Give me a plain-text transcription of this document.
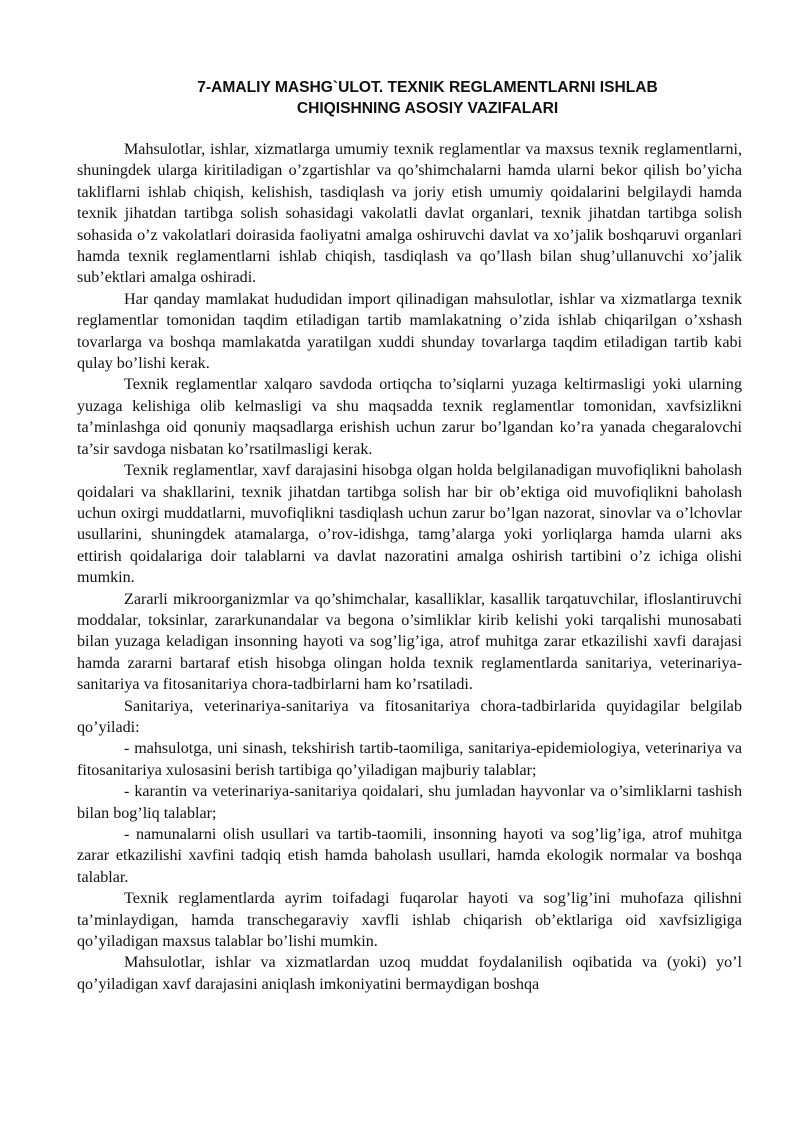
7-AMALIY MASHG`ULOT. TEXNIK REGLAMENTLARNI ISHLAB
CHIQISHNING ASOSIY VAZIFALARI

Mahsulotlar, ishlar, xizmatlarga umumiy texnik reglamentlar va maxsus texnik reglamentlarni, shuningdek ularga kiritiladigan o’zgartishlar va qo’shimchalarni hamda ularni bekor qilish bo’yicha takliflarni ishlab chiqish, kelishish, tasdiqlash va joriy etish umumiy qoidalarini belgilaydi hamda texnik jihatdan tartibga solish sohasidagi vakolatli davlat organlari, texnik jihatdan tartibga solish sohasida o’z vakolatlari doirasida faoliyatni amalga oshiruvchi davlat va xo’jalik boshqaruvi organlari hamda texnik reglamentlarni ishlab chiqish, tasdiqlash va qo’llash bilan shug’ullanuvchi xo’jalik sub’ektlari amalga oshiradi.

Har qanday mamlakat hududidan import qilinadigan mahsulotlar, ishlar va xizmatlarga texnik reglamentlar tomonidan taqdim etiladigan tartib mamlakatning o’zida ishlab chiqarilgan o’xshash tovarlarga va boshqa mamlakatda yaratilgan xuddi shunday tovarlarga taqdim etiladigan tartib kabi qulay bo’lishi kerak.

Texnik reglamentlar xalqaro savdoda ortiqcha to’siqlarni yuzaga keltirmasligi yoki ularning yuzaga kelishiga olib kelmasligi va shu maqsadda texnik reglamentlar tomonidan, xavfsizlikni ta’minlashga oid qonuniy maqsadlarga erishish uchun zarur bo’lgandan ko’ra yanada chegaralovchi ta’sir savdoga nisbatan ko’rsatilmasligi kerak.

Texnik reglamentlar, xavf darajasini hisobga olgan holda belgilanadigan muvofiqlikni baholash qoidalari va shakllarini, texnik jihatdan tartibga solish har bir ob’ektiga oid muvofiqlikni baholash uchun oxirgi muddatlarni, muvofiqlikni tasdiqlash uchun zarur bo’lgan nazorat, sinovlar va o’lchovlar usullarini, shuningdek atamalarga, o’rov-idishga, tamg’alarga yoki yorliqlarga hamda ularni aks ettirish qoidalariga doir talablarni va davlat nazoratini amalga oshirish tartibini o’z ichiga olishi mumkin.

Zararli mikroorganizmlar va qo’shimchalar, kasalliklar, kasallik tarqatuvchilar, ifloslantiruvchi moddalar, toksinlar, zararkunandalar va begona o’simliklar kirib kelishi yoki tarqalishi munosabati bilan yuzaga keladigan insonning hayoti va sog’lig’iga, atrof muhitga zarar etkazilishi xavfi darajasi hamda zararni bartaraf etish hisobga olingan holda texnik reglamentlarda sanitariya, veterinariya-sanitariya va fitosanitariya chora-tadbirlarni ham ko’rsatiladi.

Sanitariya, veterinariya-sanitariya va fitosanitariya chora-tadbirlarida quyidagilar belgilab qo’yiladi:

- mahsulotga, uni sinash, tekshirish tartib-taomiliga, sanitariya-epidemiologiya, veterinariya va fitosanitariya xulosasini berish tartibiga qo’yiladigan majburiy talablar;

- karantin va veterinariya-sanitariya qoidalari, shu jumladan hayvonlar va o’simliklarni tashish bilan bog’liq talablar;

- namunalarni olish usullari va tartib-taomili, insonning hayoti va sog’lig’iga, atrof muhitga zarar etkazilishi xavfini tadqiq etish hamda baholash usullari, hamda ekologik normalar va boshqa talablar.

Texnik reglamentlarda ayrim toifadagi fuqarolar hayoti va sog’lig’ini muhofaza qilishni ta’minlaydigan, hamda transchegaraviy xavfli ishlab chiqarish ob’ektlariga oid xavfsizligiga qo’yiladigan maxsus talablar bo’lishi mumkin.

Mahsulotlar, ishlar va xizmatlardan uzoq muddat foydalanilish oqibatida va (yoki) yo’l qo’yiladigan xavf darajasini aniqlash imkoniyatini bermaydigan boshqa
